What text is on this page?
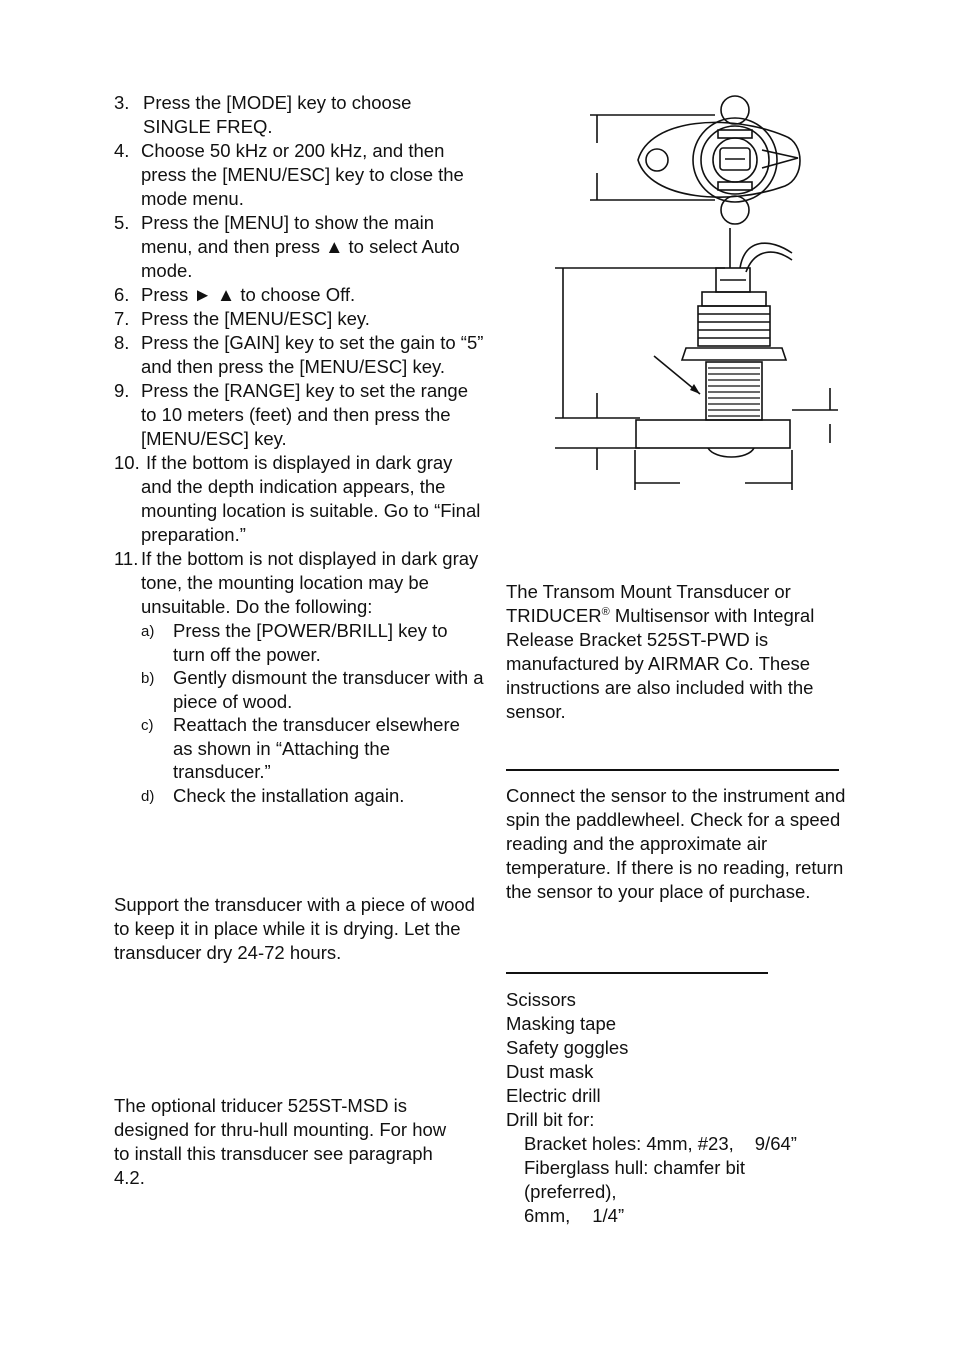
3. Press the [MODE] key to choose SINGLE FREQ.
4. Choose 50 kHz or 200 kHz, and then press the [MENU/ESC] key to close the mode menu.
5. Press the [MENU] to show the main menu, and then press ▲ to select Auto mode.
6. Press ► ▲ to choose Off.
7. Press the [MENU/ESC] key.
8. Press the [GAIN] key to set the gain to “5” and then press the [MENU/ESC] key.
9. Press the [RANGE] key to set the range to 10 meters (feet) and then press the [MENU/ESC] key.
10. If the bottom is displayed in dark gray and the depth indication appears, the mounting location is suitable. Go to “Final preparation.”
11. If the bottom is not displayed in dark gray tone, the mounting location may be unsuitable. Do the following:
a) Press the [POWER/BRILL] key to turn off the power.
b) Gently dismount the transducer with a piece of wood.
c) Reattach the transducer elsewhere as shown in “Attaching the transducer.”
d) Check the installation again.

Support the transducer with a piece of wood to keep it in place while it is drying. Let the transducer dry 24-72 hours.

The optional triducer 525ST-MSD is designed for thru-hull mounting. For how to install this transducer see paragraph 4.2.

The Transom Mount Transducer or TRIDUCER® Multisensor with Integral Release Bracket 525ST-PWD is manufactured by AIRMAR Co. These instructions are also included with the sensor.

Connect the sensor to the instrument and spin the paddlewheel. Check for a speed reading and the approximate air temperature. If there is no reading, return the sensor to your place of purchase.

Scissors
Masking tape
Safety goggles
Dust mask
Electric drill
Drill bit for:
Bracket holes: 4mm, #23, 9/64”
Fiberglass hull: chamfer bit
(preferred),
6mm, 1/4”
